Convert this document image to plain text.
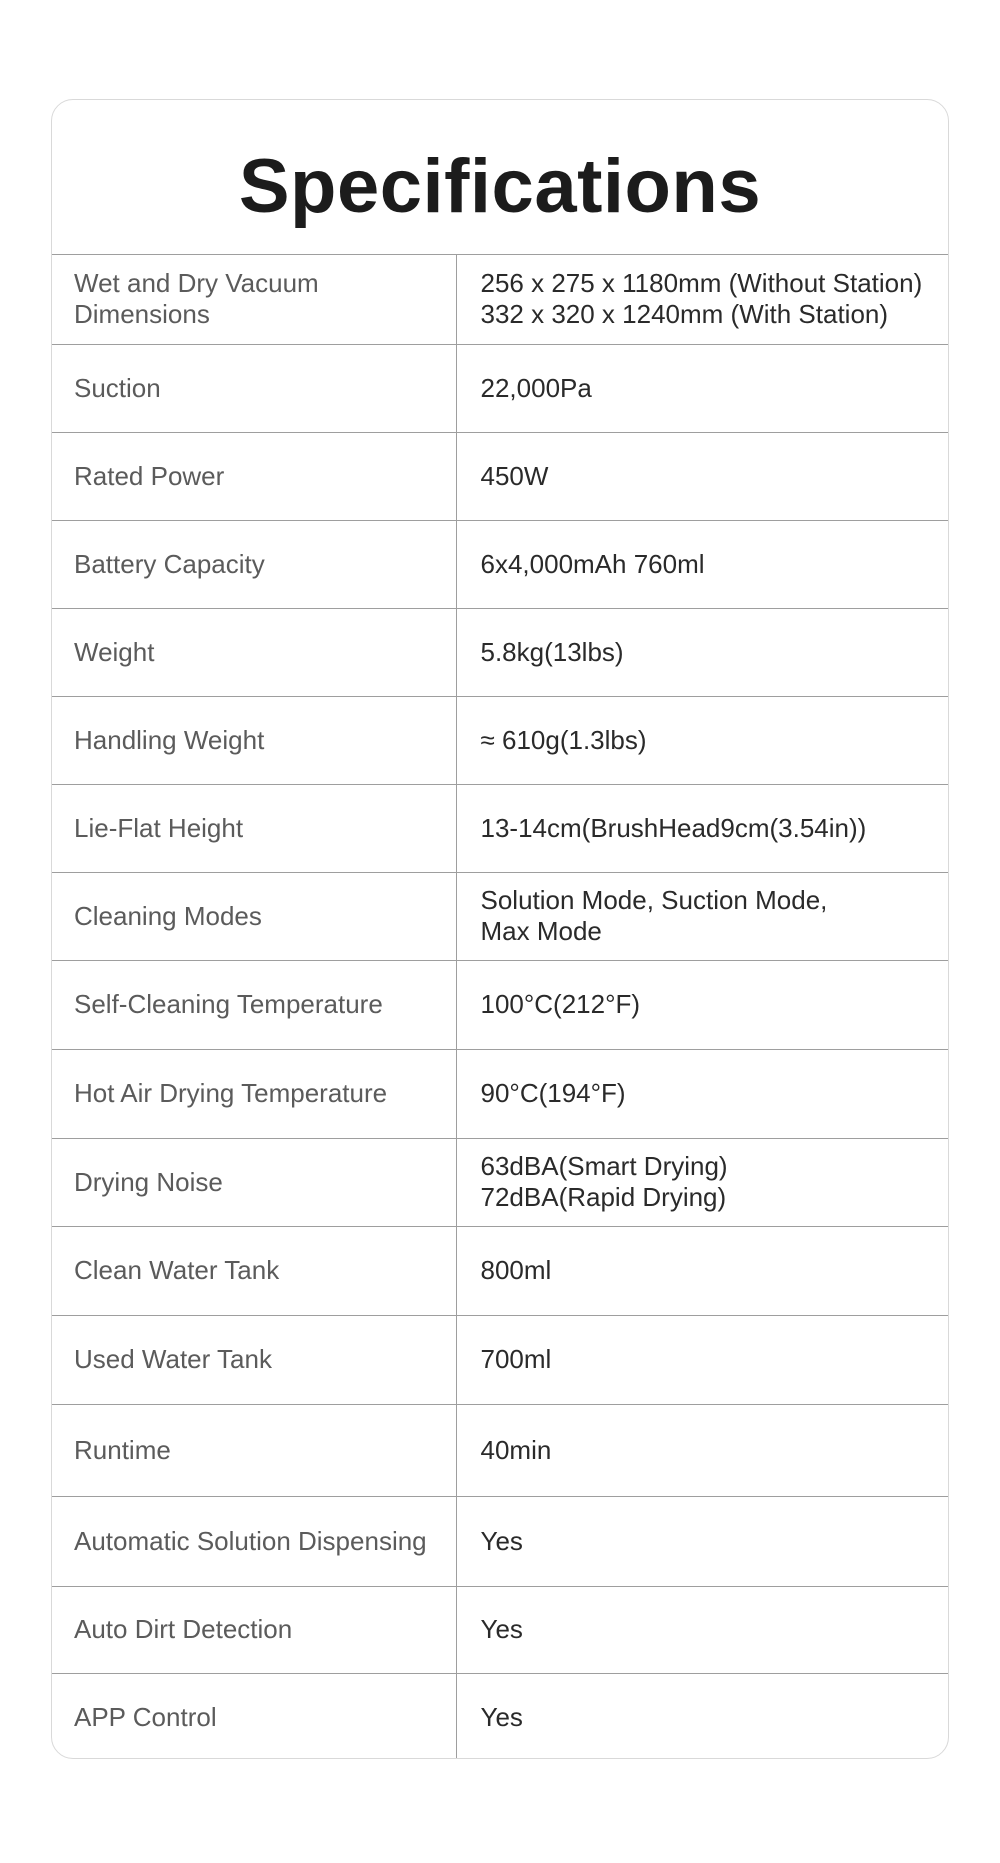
Specifications
Wet and Dry Vacuum Dimensions	256 x 275 x 1180mm (Without Station)
332 x 320 x 1240mm (With Station)
Suction	22,000Pa
Rated Power	450W
Battery Capacity	6x4,000mAh 760ml
Weight	5.8kg(13lbs)
Handling Weight	≈ 610g(1.3lbs)
Lie-Flat Height	13-14cm(BrushHead9cm(3.54in))
Cleaning Modes	Solution Mode, Suction Mode,
Max Mode
Self-Cleaning Temperature	100°C(212°F)
Hot Air Drying Temperature	90°C(194°F)
Drying Noise	63dBA(Smart Drying)
72dBA(Rapid Drying)
Clean Water Tank	800ml
Used Water Tank	700ml
Runtime	40min
Automatic Solution Dispensing	Yes
Auto Dirt Detection	Yes
APP Control	Yes
